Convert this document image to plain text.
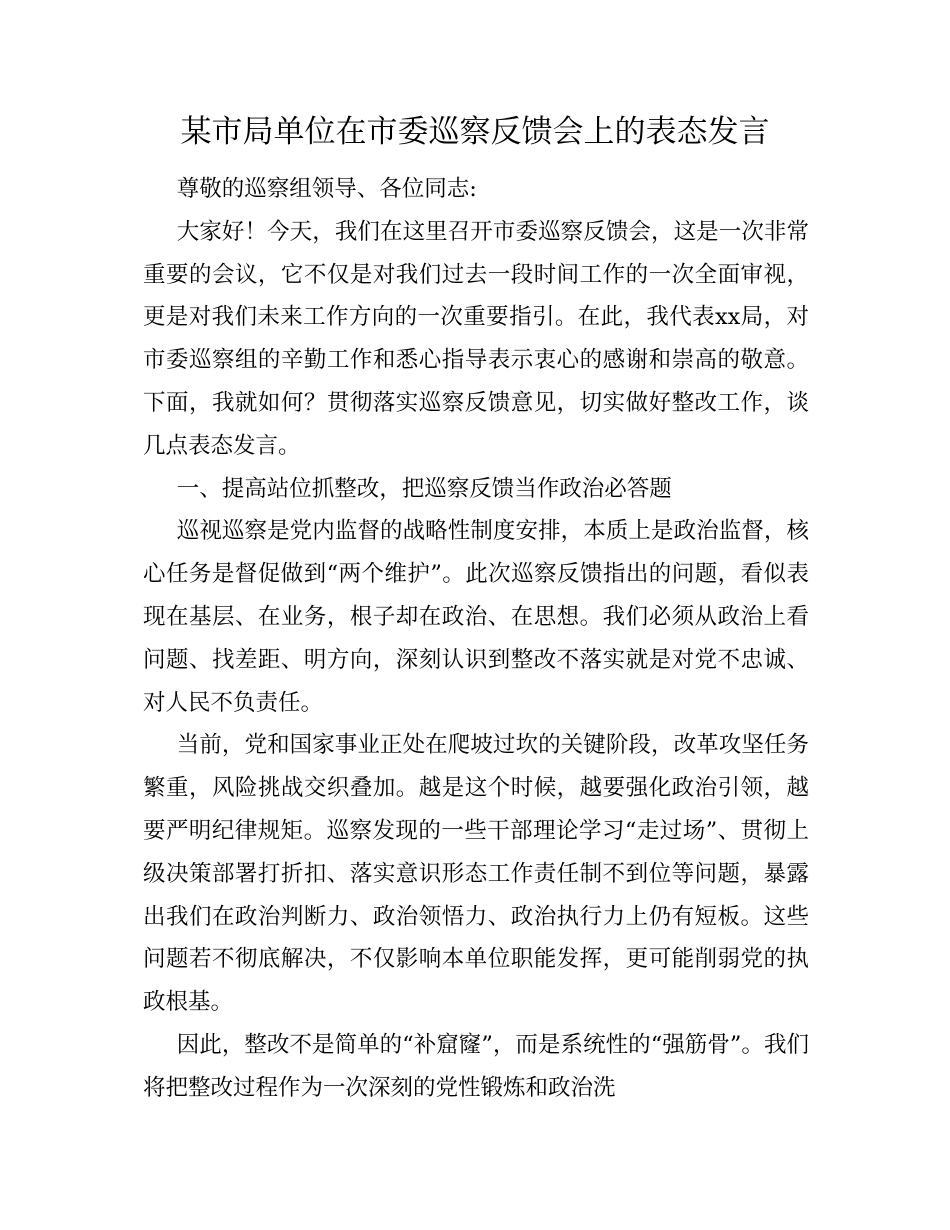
某市局单位在市委巡察反馈会上的表态发言

尊敬的巡察组领导、各位同志:

大家好！今天，我们在这里召开市委巡察反馈会，这是一次非常重要的会议，它不仅是对我们过去一段时间工作的一次全面审视，更是对我们未来工作方向的一次重要指引。在此，我代表xx局，对市委巡察组的辛勤工作和悉心指导表示衷心的感谢和崇高的敬意。下面，我就如何？贯彻落实巡察反馈意见，切实做好整改工作，谈几点表态发言。

一、提高站位抓整改，把巡察反馈当作政治必答题

巡视巡察是党内监督的战略性制度安排，本质上是政治监督，核心任务是督促做到“两个维护”。此次巡察反馈指出的问题，看似表现在基层、在业务，根子却在政治、在思想。我们必须从政治上看问题、找差距、明方向，深刻认识到整改不落实就是对党不忠诚、对人民不负责任。

当前，党和国家事业正处在爬坡过坎的关键阶段，改革攻坚任务繁重，风险挑战交织叠加。越是这个时候，越要强化政治引领，越要严明纪律规矩。巡察发现的一些干部理论学习“走过场”、贯彻上级决策部署打折扣、落实意识形态工作责任制不到位等问题，暴露出我们在政治判断力、政治领悟力、政治执行力上仍有短板。这些问题若不彻底解决，不仅影响本单位职能发挥，更可能削弱党的执政根基。

因此，整改不是简单的“补窟窿”，而是系统性的“强筋骨”。我们将把整改过程作为一次深刻的党性锻炼和政治洗
